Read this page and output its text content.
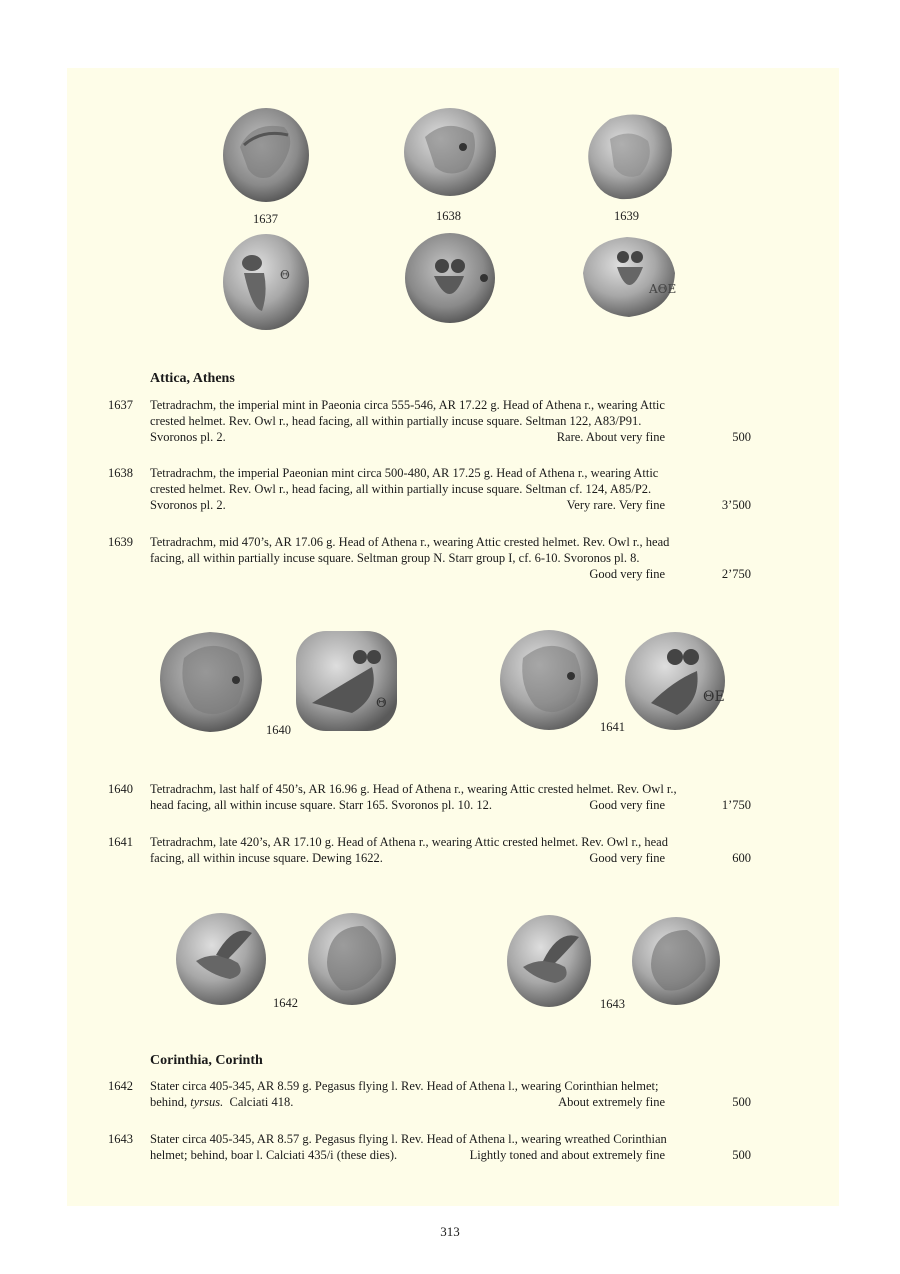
1637	1638	1639
Θ
ΑΘΕ
Attica, Athens
1637 Tetradrachm, the imperial mint in Paeonia circa 555-546, AR 17.22 g. Head of Athena r., wearing Attic

crested helmet. Rev. Owl r., head facing, all within partially incuse square. Seltman 122, A83/P91.

Svoronos pl. 2.	Rare. About very fine	500
1638 Tetradrachm, the imperial Paeonian mint circa 500-480, AR 17.25 g. Head of Athena r., wearing Attic

crested helmet. Rev. Owl r., head facing, all within partially incuse square. Seltman cf. 124, A85/P2.

Svoronos pl. 2.	Very rare. Very fine	3’500
1639 Tetradrachm, mid 470’s, AR 17.06 g. Head of Athena r., wearing Attic crested helmet. Rev. Owl r., head

facing, all within partially incuse square. Seltman group N. Starr group I, cf. 6-10. Svoronos pl. 8.

Good very fine	2’750
Θ
1640
ΘΕ
1641
1640 Tetradrachm, last half of 450’s, AR 16.96 g. Head of Athena r., wearing Attic crested helmet. Rev. Owl r.,

head facing, all within incuse square. Starr 165. Svoronos pl. 10. 12.	Good very fine	1’750
1641 Tetradrachm, late 420’s, AR 17.10 g. Head of Athena r., wearing Attic crested helmet. Rev. Owl r., head

facing, all within incuse square. Dewing 1622.	Good very fine	600
1642	1643
Corinthia, Corinth
1642 Stater circa 405-345, AR 8.59 g. Pegasus flying l. Rev. Head of Athena l., wearing Corinthian helmet;

behind, tyrsus.  Calciati 418.	About extremely fine	500
1643 Stater circa 405-345, AR 8.57 g. Pegasus flying l. Rev. Head of Athena l., wearing wreathed Corinthian

helmet; behind, boar l. Calciati 435/i (these dies).	Lightly toned and about extremely fine	500
313
